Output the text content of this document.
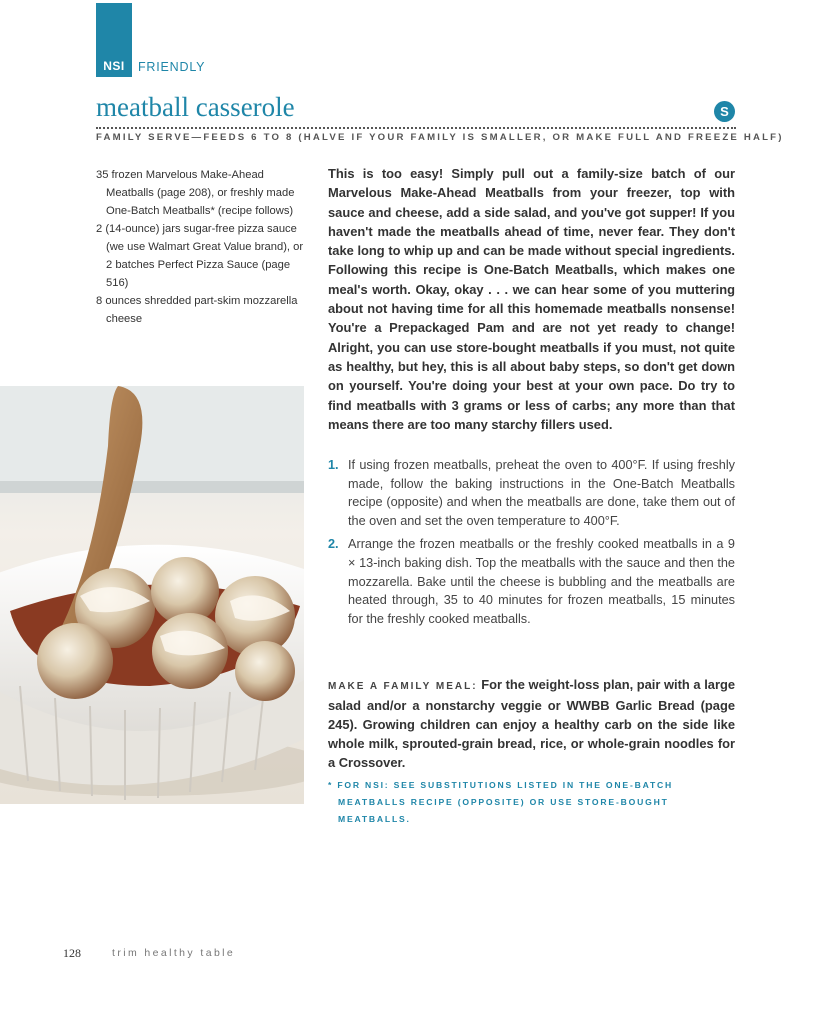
NSI	FRIENDLY
meatball casserole	S
FAMILY SERVE—FEEDS 6 TO 8 (HALVE IF YOUR FAMILY IS SMALLER, OR MAKE FULL AND FREEZE HALF)
35 frozen Marvelous Make-Ahead Meatballs (page 208), or freshly made One-Batch Meatballs* (recipe follows)
2 (14-ounce) jars sugar-free pizza sauce (we use Walmart Great Value brand), or 2 batches Perfect Pizza Sauce (page 516)
8 ounces shredded part-skim mozzarella cheese

This is too easy! Simply pull out a family-size batch of our Marvelous Make-Ahead Meatballs from your freezer, top with sauce and cheese, add a side salad, and you've got supper! If you haven't made the meatballs ahead of time, never fear. They don't take long to whip up and can be made without special ingredients. Following this recipe is One-Batch Meatballs, which makes one meal's worth. Okay, okay . . . we can hear some of you muttering about not having time for all this homemade meatballs nonsense! You're a Prepackaged Pam and are not yet ready to change! Alright, you can use store-bought meatballs if you must, not quite as healthy, but hey, this is all about baby steps, so don't get down on yourself. You're doing your best at your own pace. Do try to find meatballs with 3 grams or less of carbs; any more than that means there are too many starchy fillers used.

1. If using frozen meatballs, preheat the oven to 400°F. If using freshly made, follow the baking instructions in the One-Batch Meatballs recipe (opposite) and when the meatballs are done, take them out of the oven and set the oven temperature to 400°F.
2. Arrange the frozen meatballs or the freshly cooked meatballs in a 9 × 13-inch baking dish. Top the meatballs with the sauce and then the mozzarella. Bake until the cheese is bubbling and the meatballs are heated through, 35 to 40 minutes for frozen meatballs, 15 minutes for the freshly cooked meatballs.

MAKE A FAMILY MEAL: For the weight-loss plan, pair with a large salad and/or a nonstarchy veggie or WWBB Garlic Bread (page 245). Growing children can enjoy a healthy carb on the side like whole milk, sprouted-grain bread, rice, or whole-grain noodles for a Crossover.

* FOR NSI: SEE SUBSTITUTIONS LISTED IN THE ONE-BATCH MEATBALLS RECIPE (OPPOSITE) OR USE STORE-BOUGHT MEATBALLS.

128	trim healthy table
